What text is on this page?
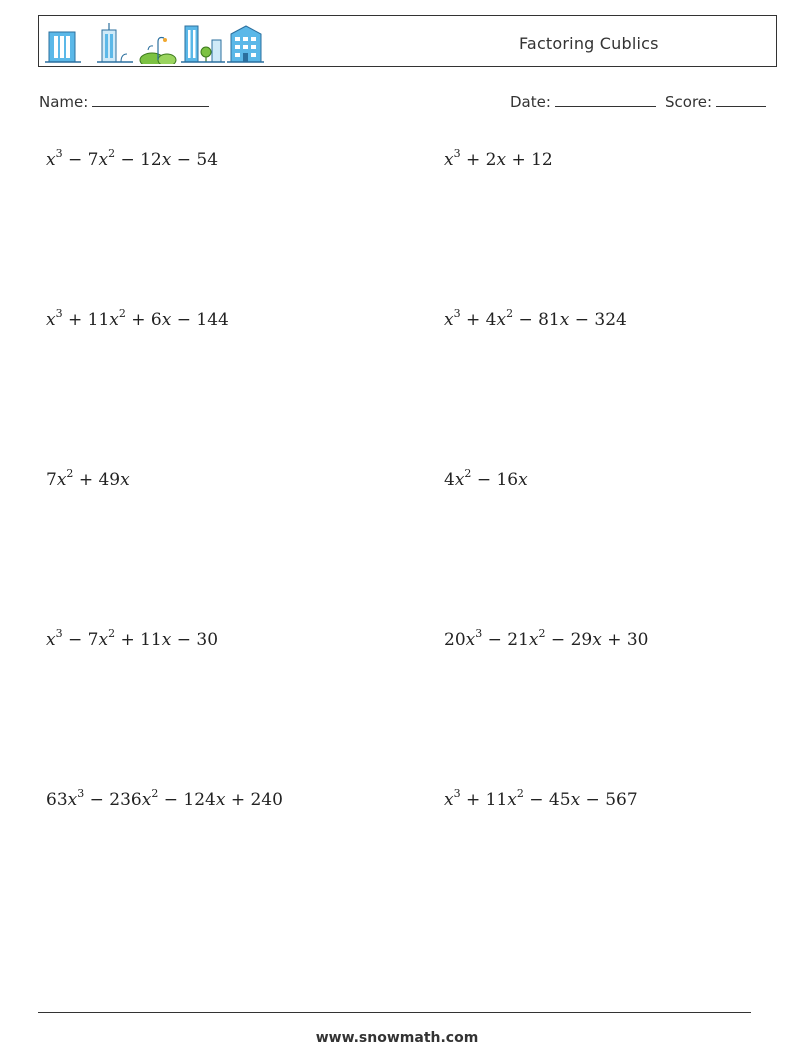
Factoring Cublics
Name:	Date:	Score:
$x^3 - 7x^2 - 12x - 54$	$x^3 + 2x + 12$
$x^3 + 11x^2 + 6x - 144$	$x^3 + 4x^2 - 81x - 324$
$7x^2 + 49x$	$4x^2 - 16x$
$x^3 - 7x^2 + 11x - 30$	$20x^3 - 21x^2 - 29x + 30$
$63x^3 - 236x^2 - 124x + 240$	$x^3 + 11x^2 - 45x - 567$
www.snowmath.com
